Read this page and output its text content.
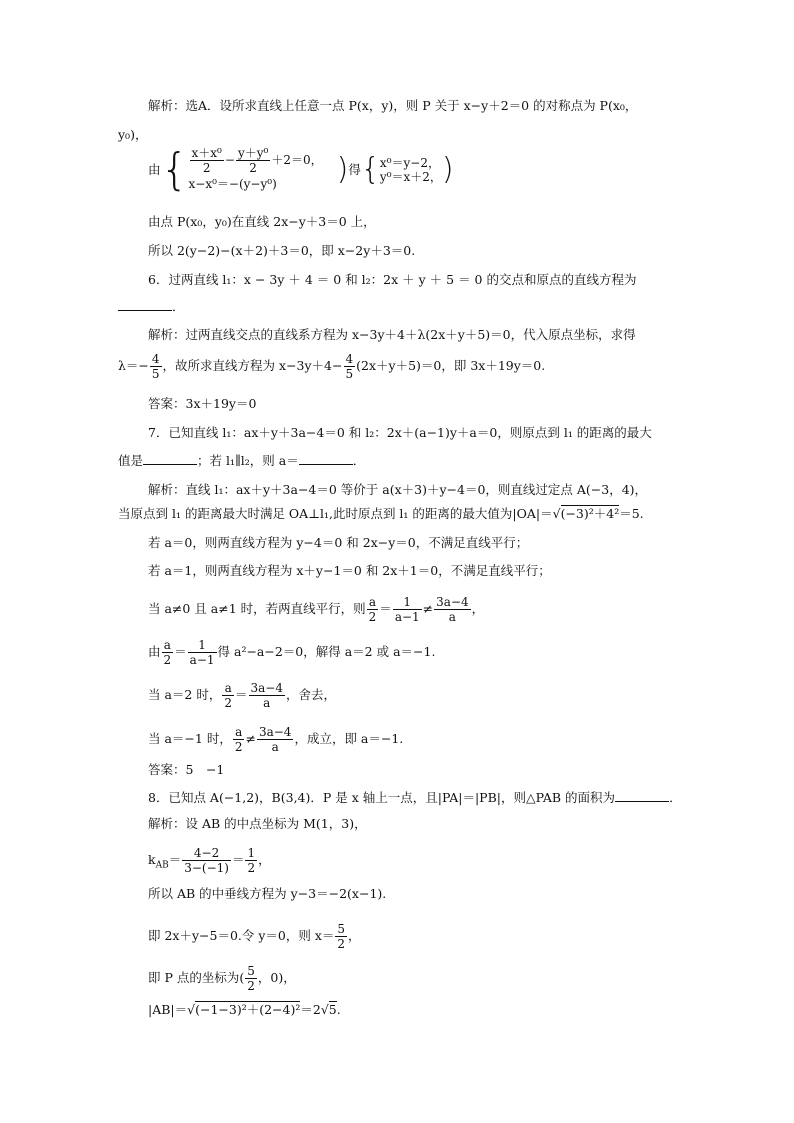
解析：选A．设所求直线上任意一点 P(x，y)，则 P 关于 x−y＋2＝0 的对称点为 P(x₀，
y₀)，
由{ $\frac{\text{x＋x⁰}}{2} - \frac{\text{y＋y⁰}}{2} +2=0$，
x−x⁰＝−(y−y⁰)	)得{ x⁰＝y−2，
y⁰＝x＋2， )
由点 P(x₀，y₀)在直线 2x−y＋3＝0 上，
所以 2(y−2)−(x＋2)＋3＝0，即 x−2y＋3＝0.
6．过两直线 l₁：x − 3y ＋ 4 ＝ 0 和 l₂：2x ＋ y ＋ 5 ＝ 0 的交点和原点的直线方程为
．
解析：过两直线交点的直线系方程为 x−3y＋4＋λ(2x＋y＋5)＝0，代入原点坐标，求得
$\lambda=- \frac{4}{5}$ ，故所求直线方程为 $x-3y+4- \frac{4}{5} (2x+y+5)=0$，即 3x＋19y＝0.
答案：3x＋19y＝0
7．已知直线 l₁：ax＋y＋3a−4＝0 和 l₂：2x＋(a−1)y＋a＝0，则原点到 l₁ 的距离的最大
值是	；若 l₁∥l₂，则 a＝	．
解析：直线 l₁：ax＋y＋3a−4＝0 等价于 a(x＋3)＋y−4＝0，则直线过定点 A(−3，4)，
当原点到 l₁ 的距离最大时满足 OA⊥l₁,此时原点到 l₁ 的距离的最大值为|OA|＝√(−3)²＋4²＝5.
若 a＝0，则两直线方程为 y−4＝0 和 2x−y＝0，不满足直线平行；
若 a＝1，则两直线方程为 x＋y−1＝0 和 2x＋1＝0，不满足直线平行；
当 a≠0 且 a≠1 时，若两直线平行，则 $\frac{a}{2} = \frac{1}{a-1} \ne \frac{3a-4}{a}$ ，
由 $\frac{a}{2} = \frac{1}{a-1}$ 得 a²−a−2＝0，解得 a＝2 或 a＝−1.
当 a＝2 时， $\frac{a}{2} = \frac{3a-4}{a}$ ，舍去，
当 a＝−1 时， $\frac{a}{2} \ne \frac{3a-4}{a}$ ，成立，即 a＝−1.
答案：5　−1
8．已知点 A(−1,2)，B(3,4)．P 是 x 轴上一点，且|PA|＝|PB|，则△PAB 的面积为	．
解析：设 AB 的中点坐标为 M(1，3)，
$k_{AB}= \frac{4-2}{3-(-1)} = \frac{1}{2}$ ，
所以 AB 的中垂线方程为 y−3＝−2(x−1).
即 2x＋y−5＝0.令 y＝0，则 $x= \frac{5}{2}$ ，
即 P 点的坐标为( $\frac{5}{2}$ ，0)，
|AB|＝√(−1−3)²＋(2−4)²＝2√5.
